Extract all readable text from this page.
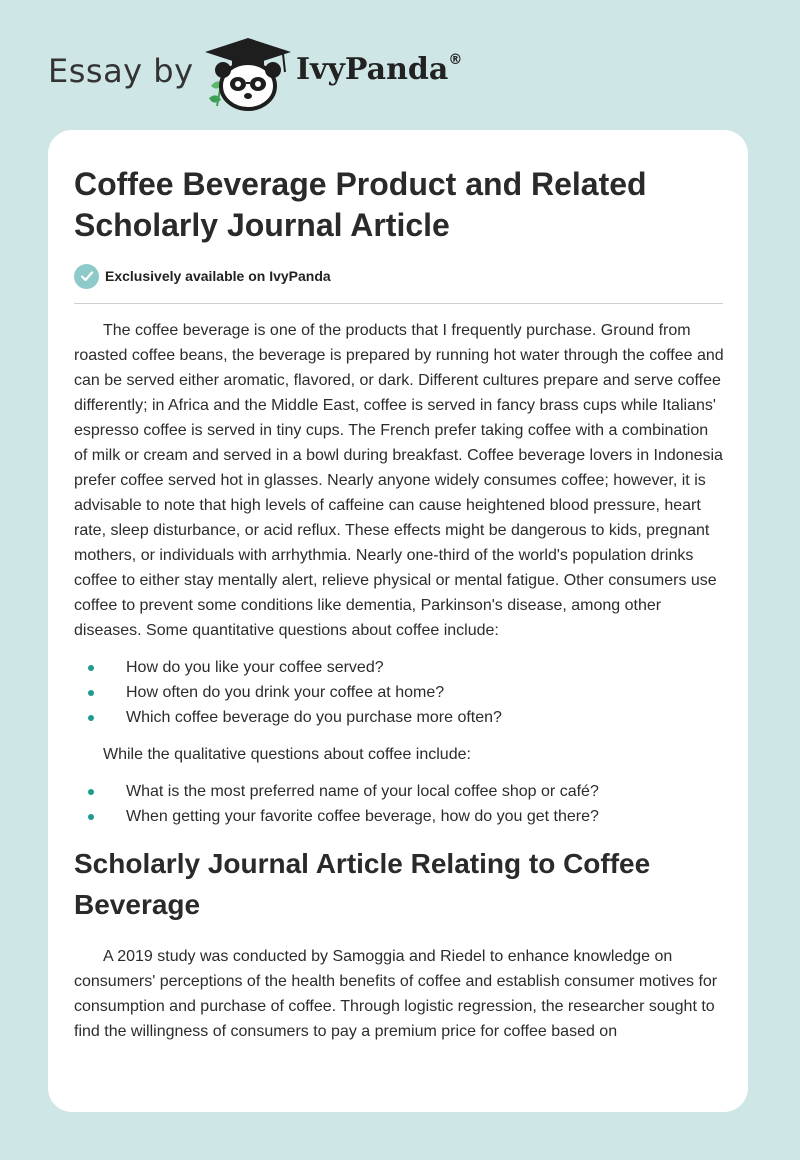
Essay by	IvyPanda®
Coffee Beverage Product and Related Scholarly Journal Article
Exclusively available on IvyPanda

The coffee beverage is one of the products that I frequently purchase. Ground from roasted coffee beans, the beverage is prepared by running hot water through the coffee and can be served either aromatic, flavored, or dark. Different cultures prepare and serve coffee differently; in Africa and the Middle East, coffee is served in fancy brass cups while Italians' espresso coffee is served in tiny cups. The French prefer taking coffee with a combination of milk or cream and served in a bowl during breakfast. Coffee beverage lovers in Indonesia prefer coffee served hot in glasses. Nearly anyone widely consumes coffee; however, it is advisable to note that high levels of caffeine can cause heightened blood pressure, heart rate, sleep disturbance, or acid reflux. These effects might be dangerous to kids, pregnant mothers, or individuals with arrhythmia. Nearly one-third of the world's population drinks coffee to either stay mentally alert, relieve physical or mental fatigue. Other consumers use coffee to prevent some conditions like dementia, Parkinson's disease, among other diseases. Some quantitative questions about coffee include:

How do you like your coffee served?
How often do you drink your coffee at home?
Which coffee beverage do you purchase more often?

While the qualitative questions about coffee include:

What is the most preferred name of your local coffee shop or café?
When getting your favorite coffee beverage, how do you get there?
Scholarly Journal Article Relating to Coffee Beverage

A 2019 study was conducted by Samoggia and Riedel to enhance knowledge on consumers' perceptions of the health benefits of coffee and establish consumer motives for consumption and purchase of coffee. Through logistic regression, the researcher sought to find the willingness of consumers to pay a premium price for coffee based on
